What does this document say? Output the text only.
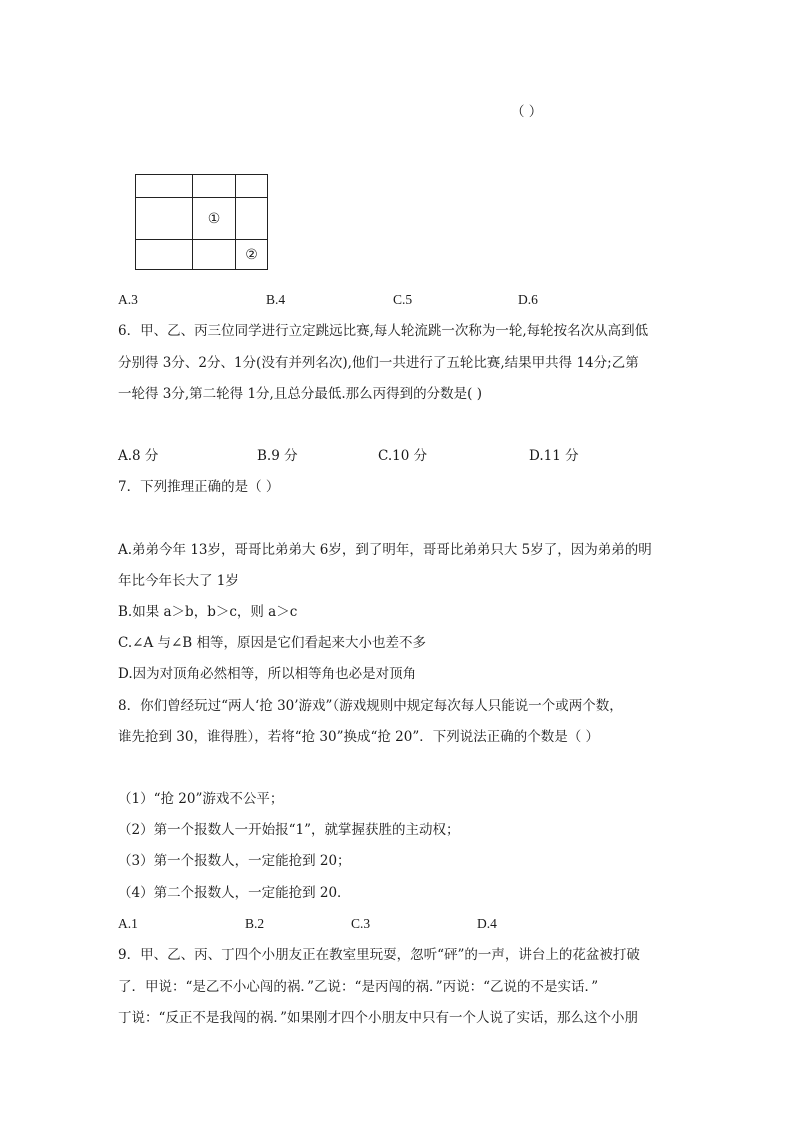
（ ）

	①	
		②
A.3	B.4	C.5	D.6
6．甲、乙、丙三位同学进行立定跳远比赛,每人轮流跳一次称为一轮,每轮按名次从高到低
分别得 3分、2分、1分(没有并列名次),他们一共进行了五轮比赛,结果甲共得 14分;乙第
一轮得 3分,第二轮得 1分,且总分最低.那么丙得到的分数是( )
A.8 分	B.9 分	C.10 分	D.11 分
7．下列推理正确的是（ ）
A.弟弟今年 13岁，哥哥比弟弟大 6岁，到了明年，哥哥比弟弟只大 5岁了，因为弟弟的明
年比今年长大了 1岁
B.如果 a＞b，b＞c，则 a＞c
C.∠A 与∠B 相等，原因是它们看起来大小也差不多
D.因为对顶角必然相等，所以相等角也必是对顶角
8．你们曾经玩过“两人‘抢 30’游戏”（游戏规则中规定每次每人只能说一个或两个数，
谁先抢到 30，谁得胜），若将“抢 30”换成“抢 20”．下列说法正确的个数是（ ）
（1）“抢 20”游戏不公平；
（2）第一个报数人一开始报“1”，就掌握获胜的主动权；
（3）第一个报数人，一定能抢到 20；
（4）第二个报数人，一定能抢到 20．
A.1	B.2	C.3	D.4
9．甲、乙、丙、丁四个小朋友正在教室里玩耍，忽听“砰”的一声，讲台上的花盆被打破
了．甲说：“是乙不小心闯的祸．”乙说：“是丙闯的祸．”丙说：“乙说的不是实话．”
丁说：“反正不是我闯的祸．”如果刚才四个小朋友中只有一个人说了实话，那么这个小朋
